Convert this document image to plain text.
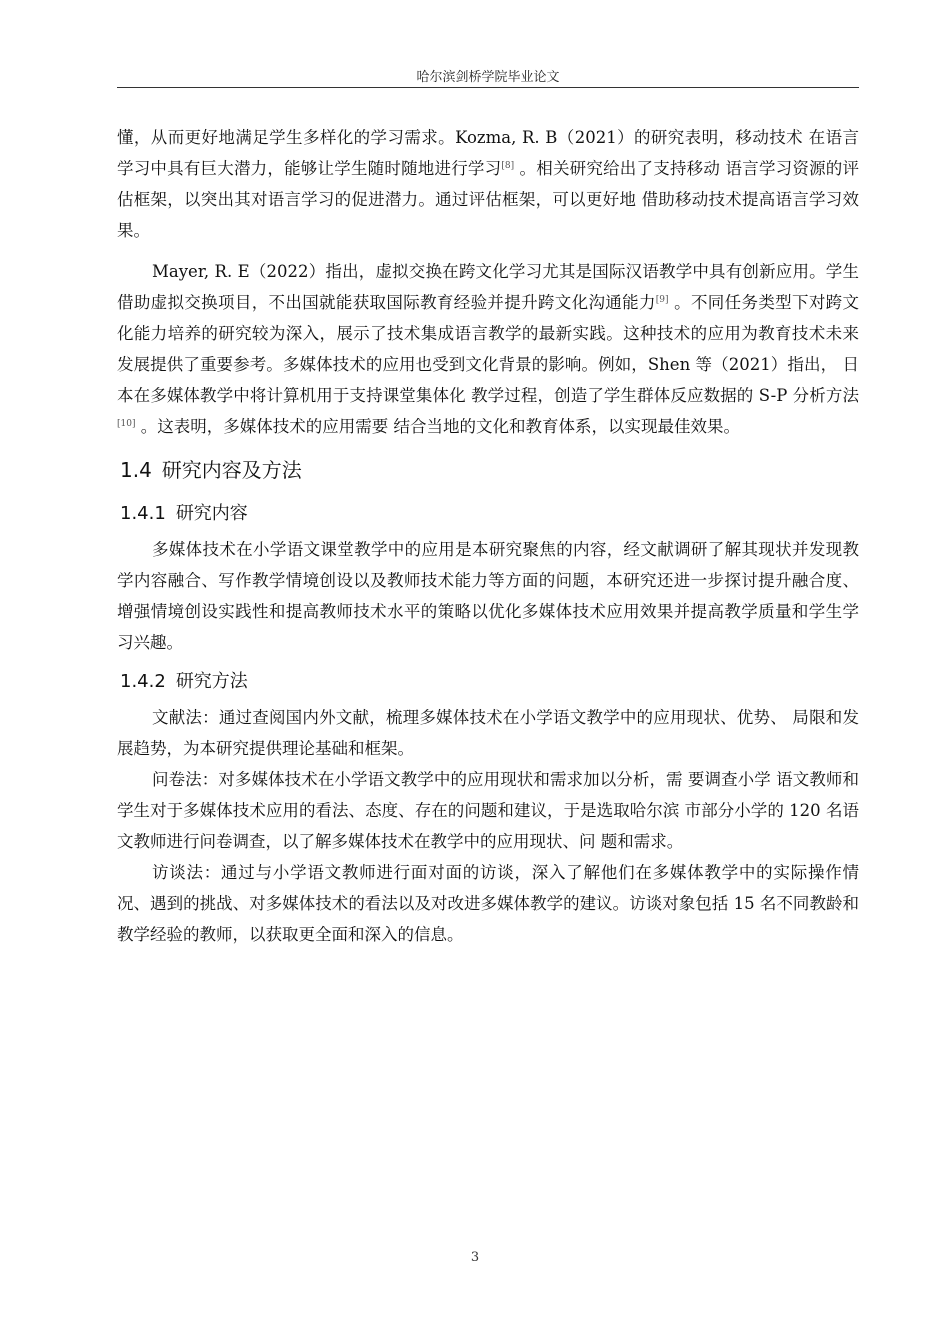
哈尔滨剑桥学院毕业论文

懂，从而更好地满足学生多样化的学习需求。Kozma, R. B（2021）的研究表明，移动技术 在语言学习中具有巨大潜力，能够让学生随时随地进行学习[8] 。相关研究给出了支持移动 语言学习资源的评估框架，以突出其对语言学习的促进潜力。通过评估框架，可以更好地 借助移动技术提高语言学习效果。

Mayer, R. E（2022）指出，虚拟交换在跨文化学习尤其是国际汉语教学中具有创新应用。学生借助虚拟交换项目，不出国就能获取国际教育经验并提升跨文化沟通能力[9] 。不同任务类型下对跨文化能力培养的研究较为深入，展示了技术集成语言教学的最新实践。这种技术的应用为教育技术未来发展提供了重要参考。多媒体技术的应用也受到文化背景的影响。例如，Shen 等（2021）指出， 日本在多媒体教学中将计算机用于支持课堂集体化 教学过程，创造了学生群体反应数据的 S-P 分析方法[10] 。这表明，多媒体技术的应用需要 结合当地的文化和教育体系，以实现最佳效果。

1.4 研究内容及方法
1.4.1 研究内容

多媒体技术在小学语文课堂教学中的应用是本研究聚焦的内容，经文献调研了解其现状并发现教学内容融合、写作教学情境创设以及教师技术能力等方面的问题，本研究还进一步探讨提升融合度、增强情境创设实践性和提高教师技术水平的策略以优化多媒体技术应用效果并提高教学质量和学生学习兴趣。

1.4.2 研究方法

文献法：通过查阅国内外文献，梳理多媒体技术在小学语文教学中的应用现状、优势、 局限和发展趋势，为本研究提供理论基础和框架。

问卷法：对多媒体技术在小学语文教学中的应用现状和需求加以分析，需 要调查小学 语文教师和学生对于多媒体技术应用的看法、态度、存在的问题和建议，于是选取哈尔滨 市部分小学的 120 名语文教师进行问卷调查，以了解多媒体技术在教学中的应用现状、问 题和需求。

访谈法：通过与小学语文教师进行面对面的访谈，深入了解他们在多媒体教学中的实际操作情况、遇到的挑战、对多媒体技术的看法以及对改进多媒体教学的建议。访谈对象包括 15 名不同教龄和教学经验的教师，以获取更全面和深入的信息。

3
